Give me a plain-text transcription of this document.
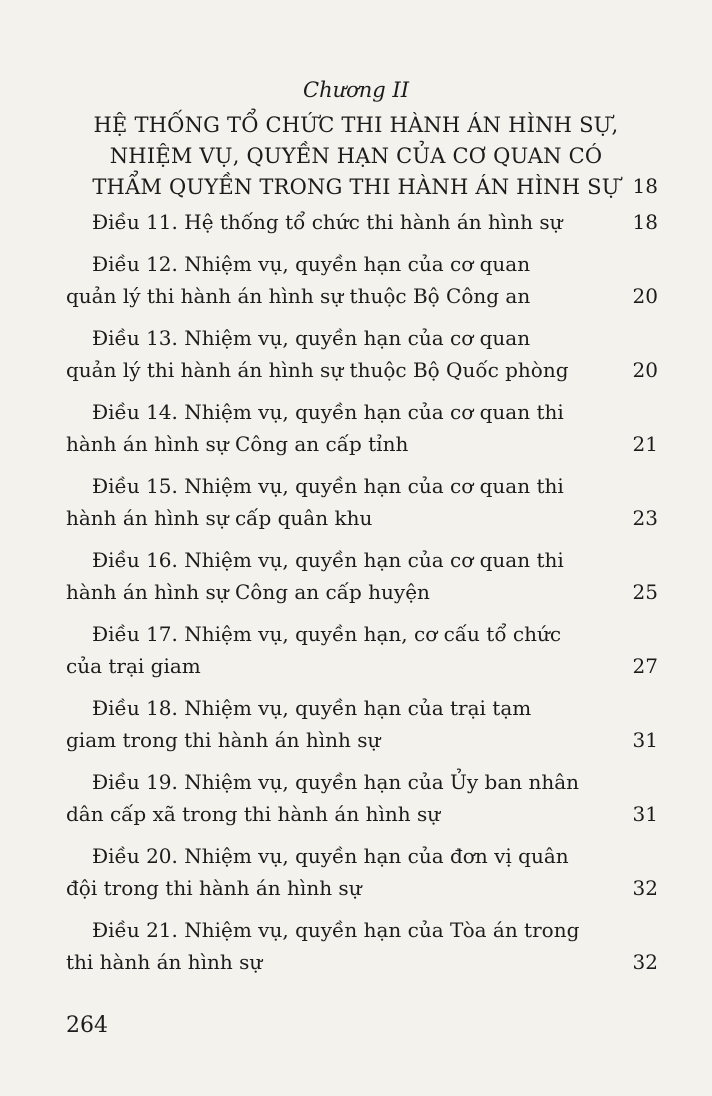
Chương II
HỆ THỐNG TỔ CHỨC THI HÀNH ÁN HÌNH SỰ,
NHIỆM VỤ, QUYỀN HẠN CỦA CƠ QUAN CÓ
THẨM QUYỀN TRONG THI HÀNH ÁN HÌNH SỰ 18
Điều 11. Hệ thống tổ chức thi hành án hình sự	18
Điều 12. Nhiệm vụ, quyền hạn của cơ quan
quản lý thi hành án hình sự thuộc Bộ Công an	20
Điều 13. Nhiệm vụ, quyền hạn của cơ quan
quản lý thi hành án hình sự thuộc Bộ Quốc phòng	20
Điều 14. Nhiệm vụ, quyền hạn của cơ quan thi
hành án hình sự Công an cấp tỉnh	21
Điều 15. Nhiệm vụ, quyền hạn của cơ quan thi
hành án hình sự cấp quân khu	23
Điều 16. Nhiệm vụ, quyền hạn của cơ quan thi
hành án hình sự Công an cấp huyện	25
Điều 17. Nhiệm vụ, quyền hạn, cơ cấu tổ chức
của trại giam	27
Điều 18. Nhiệm vụ, quyền hạn của trại tạm
giam trong thi hành án hình sự	31
Điều 19. Nhiệm vụ, quyền hạn của Ủy ban nhân
dân cấp xã trong thi hành án hình sự	31
Điều 20. Nhiệm vụ, quyền hạn của đơn vị quân
đội trong thi hành án hình sự	32
Điều 21. Nhiệm vụ, quyền hạn của Tòa án trong
thi hành án hình sự	32
264
